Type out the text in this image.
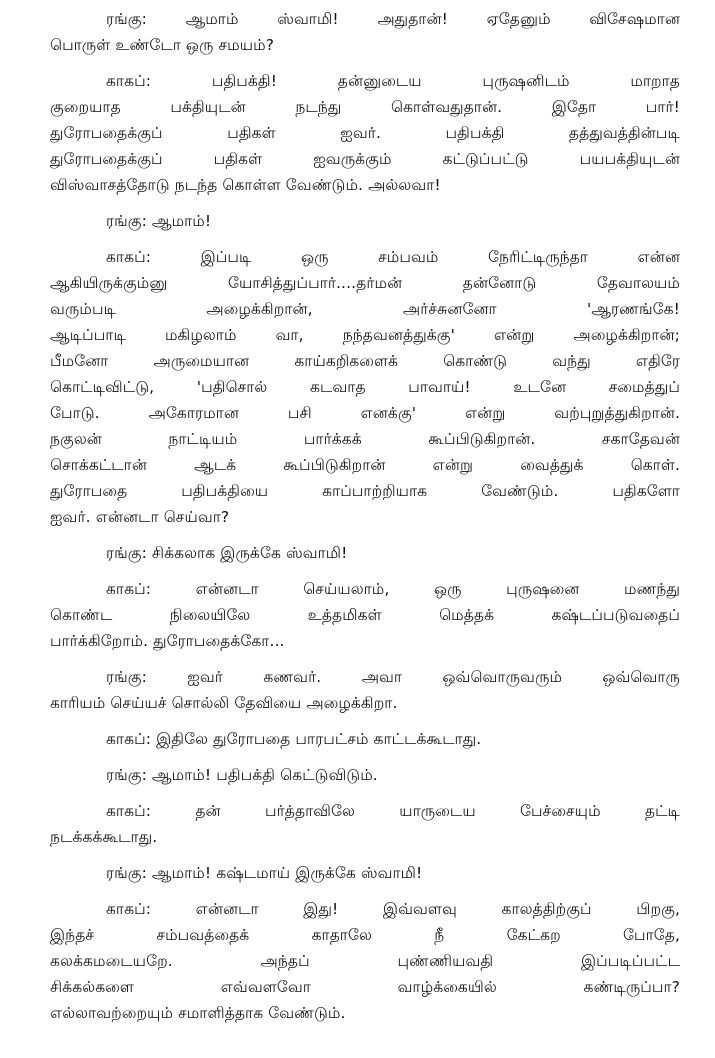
ரங்கு: ஆமாம் ஸ்வாமி! அதுதான்! ஏதேனும் விசேஷமான
பொருள் உண்டோ ஒரு சமயம்?

காகப்: பதிபக்தி! தன்னுடைய புருஷனிடம் மாறாத
குறையாத பக்தியுடன் நடந்து கொள்வதுதான். இதோ பார்!
துரோபதைக்குப் பதிகள் ஐவர். பதிபக்தி தத்துவத்தின்படி
துரோபதைக்குப் பதிகள் ஐவருக்கும் கட்டுப்பட்டு பயபக்தியுடன்
விஸ்வாசத்தோடு நடந்த கொள்ள வேண்டும். அல்லவா!

ரங்கு: ஆமாம்!

காகப்: இப்படி ஒரு சம்பவம் நேரிட்டிருந்தா என்ன
ஆகியிருக்கும்னு யோசித்துப்பார்....தர்மன் தன்னோடு தேவாலயம்
வரும்படி அழைக்கிறான், அர்ச்சுனனோ 'ஆரணங்கே!
ஆடிப்பாடி மகிழலாம் வா, நந்தவனத்துக்கு' என்று அழைக்கிறான்;
பீமனோ அருமையான காய்கறிகளைக் கொண்டு வந்து எதிரே
கொட்டிவிட்டு, 'பதிசொல் கடவாத பாவாய்! உடனே சமைத்துப்
போடு. அகோரமான பசி எனக்கு' என்று வற்புறுத்துகிறான்.
நகுலன் நாட்டியம் பார்க்கக் கூப்பிடுகிறான். சகாதேவன்
சொக்கட்டான் ஆடக் கூப்பிடுகிறான் என்று வைத்துக் கொள்.
துரோபதை பதிபக்தியை காப்பாற்றியாக வேண்டும். பதிகளோ
ஐவர். என்னடா செய்வா?

ரங்கு: சிக்கலாக இருக்கே ஸ்வாமி!

காகப்: என்னடா செய்யலாம், ஒரு புருஷனை மணந்து
கொண்ட நிலையிலே உத்தமிகள் மெத்தக் கஷ்டப்படுவதைப்
பார்க்கிறோம். துரோபதைக்கோ...

ரங்கு: ஐவர் கணவர். அவா ஒவ்வொருவரும் ஒவ்வொரு
காரியம் செய்யச் சொல்லி தேவியை அழைக்கிறா.

காகப்: இதிலே துரோபதை பாரபட்சம் காட்டக்கூடாது.

ரங்கு: ஆமாம்! பதிபக்தி கெட்டுவிடும்.

காகப்: தன் பர்த்தாவிலே யாருடைய பேச்சையும் தட்டி
நடக்கக்கூடாது.

ரங்கு: ஆமாம்! கஷ்டமாய் இருக்கே ஸ்வாமி!

காகப்: என்னடா இது! இவ்வளவு காலத்திற்குப் பிறகு,
இந்தச் சம்பவத்தைக் காதாலே நீ கேட்கற போதே,
கலக்கமடையறே. அந்தப் புண்ணியவதி இப்படிப்பட்ட
சிக்கல்களை எவ்வளவோ வாழ்க்கையில் கண்டிருப்பா?
எல்லாவற்றையும் சமாளித்தாக வேண்டும்.
